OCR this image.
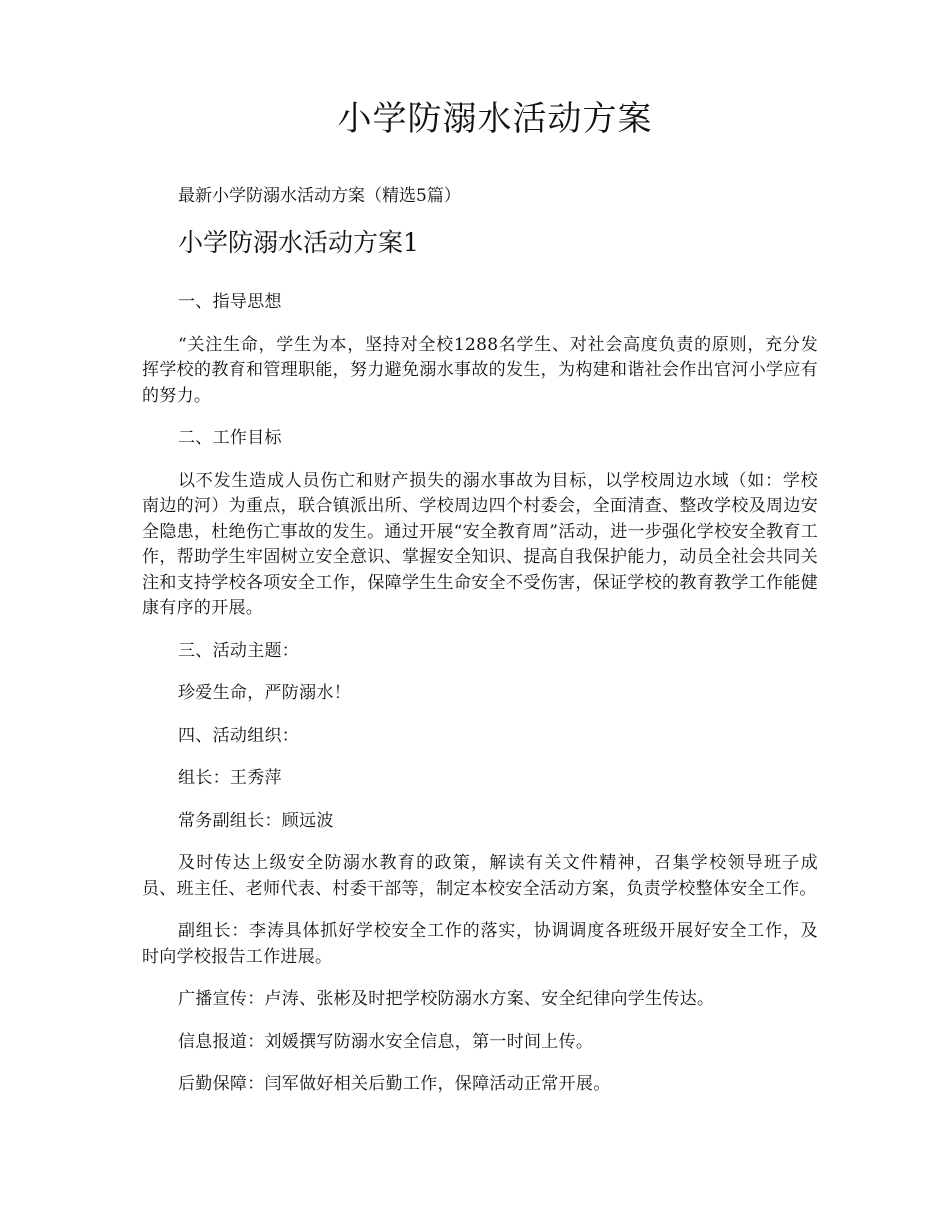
小学防溺水活动方案

最新小学防溺水活动方案（精选5篇）

小学防溺水活动方案1

一、指导思想

“关注生命，学生为本，坚持对全校1288名学生、对社会高度负责的原则，充分发挥学校的教育和管理职能，努力避免溺水事故的发生，为构建和谐社会作出官河小学应有的努力。

二、工作目标

以不发生造成人员伤亡和财产损失的溺水事故为目标，以学校周边水域（如：学校南边的河）为重点，联合镇派出所、学校周边四个村委会，全面清查、整改学校及周边安全隐患，杜绝伤亡事故的发生。通过开展“安全教育周”活动，进一步强化学校安全教育工作，帮助学生牢固树立安全意识、掌握安全知识、提高自我保护能力，动员全社会共同关注和支持学校各项安全工作，保障学生生命安全不受伤害，保证学校的教育教学工作能健康有序的开展。

三、活动主题：

珍爱生命，严防溺水！

四、活动组织：

组长：王秀萍

常务副组长：顾远波

及时传达上级安全防溺水教育的政策，解读有关文件精神，召集学校领导班子成员、班主任、老师代表、村委干部等，制定本校安全活动方案，负责学校整体安全工作。

副组长：李涛具体抓好学校安全工作的落实，协调调度各班级开展好安全工作，及时向学校报告工作进展。

广播宣传：卢涛、张彬及时把学校防溺水方案、安全纪律向学生传达。

信息报道：刘媛撰写防溺水安全信息，第一时间上传。

后勤保障：闫军做好相关后勤工作，保障活动正常开展。
